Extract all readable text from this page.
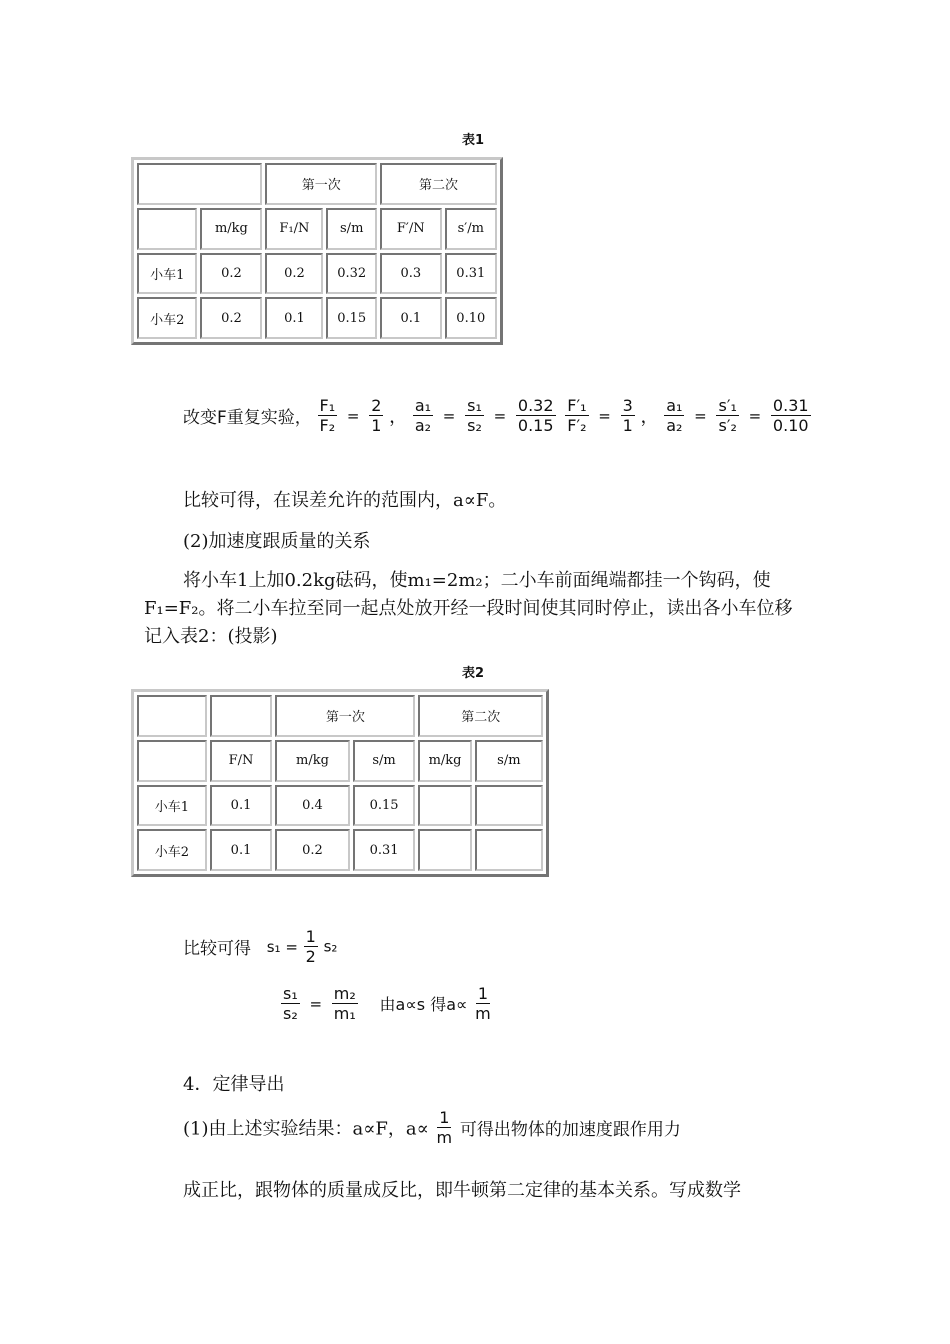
表1
		第一次		第二次	
	m/kg	F₁/N	s/m	F′/N	s′/m
小车1	0.2	0.2	0.32	0.3	0.31
小车2	0.2	0.1	0.15	0.1	0.10
改变F重复实验， $\frac{\text{F₁}}{\text{F₂}} = \frac{2}{1}$ ， $\frac{\text{a₁}}{\text{a₂}} = \frac{\text{s₁}}{\text{s₂}} = \frac{0.32}{0.15}$
$\frac{\text{F′₁}}{\text{F′₂}} = \frac{3}{1}$ ， $\frac{\text{a₁}}{\text{a₂}} = \frac{\text{s′₁}}{\text{s′₂}} = \frac{0.31}{0.10}$
比较可得，在误差允许的范围内，a∝F。
(2)加速度跟质量的关系
将小车1上加0.2kg砝码，使m₁=2m₂；二小车前面绳端都挂一个钩码，使
F₁=F₂。将二小车拉至同一起点处放开经一段时间使其同时停止，读出各小车位移
记入表2：(投影)
表2
		第一次		第二次	
	F/N	m/kg	s/m	m/kg	s/m
小车1	0.1	0.4	0.15		
小车2	0.1	0.2	0.31		
比较可得 $s_1 = \frac{1}{2} s_2$
$\frac{\text{s₁}}{\text{s₂}} = \frac{\text{m₂}}{\text{m₁}}$ 由a∝s 得$a\propto \frac{1}{m}$
4．定律导出
(1)由上述实验结果：a∝F，$a\propto \frac{1}{m}$ 可得出物体的加速度跟作用力
成正比，跟物体的质量成反比，即牛顿第二定律的基本关系。写成数学
